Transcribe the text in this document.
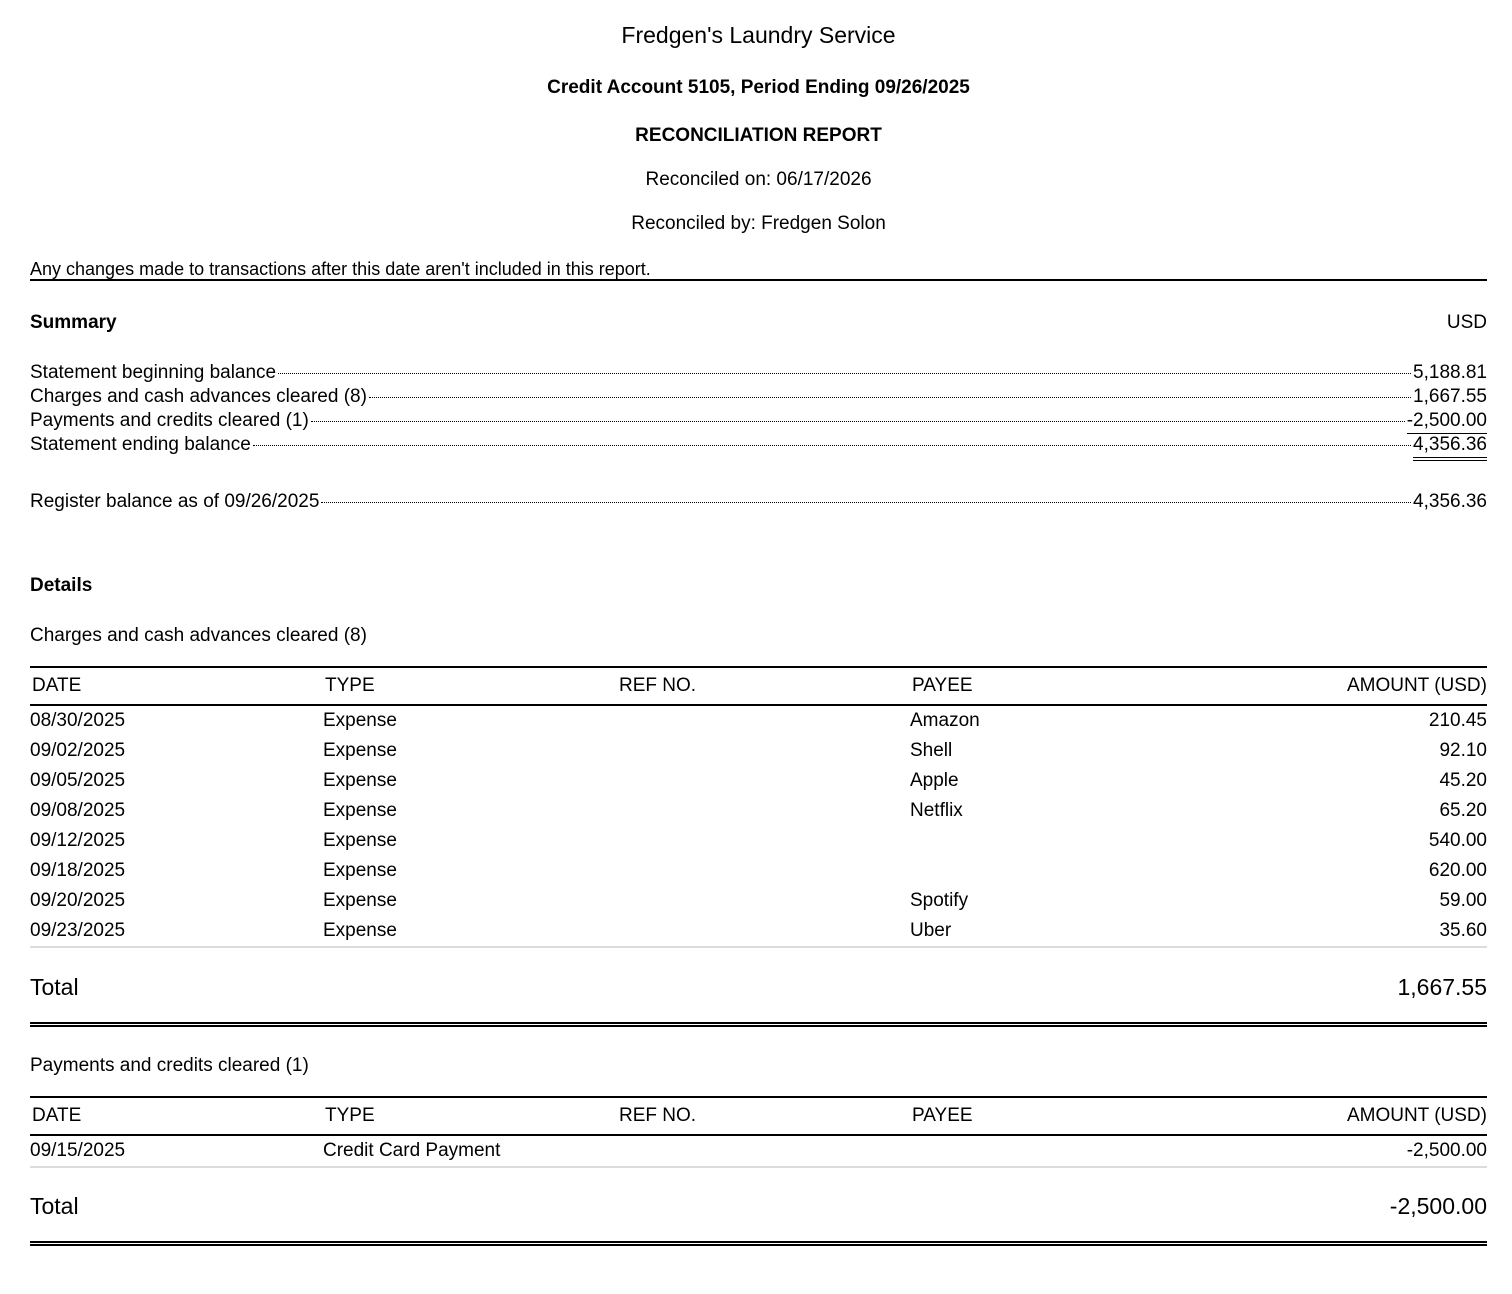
Fredgen's Laundry Service
Credit Account 5105, Period Ending 09/26/2025
RECONCILIATION REPORT
Reconciled on: 06/17/2026
Reconciled by: Fredgen Solon
Any changes made to transactions after this date aren't included in this report.
Summary	USD
Statement beginning balance	5,188.81
Charges and cash advances cleared (8)	1,667.55
Payments and credits cleared (1)	-2,500.00
Statement ending balance	4,356.36
Register balance as of 09/26/2025	4,356.36
Details
Charges and cash advances cleared (8)
DATE	TYPE	REF NO.	PAYEE	AMOUNT (USD)
08/30/2025	Expense		Amazon	210.45
09/02/2025	Expense		Shell	92.10
09/05/2025	Expense		Apple	45.20
09/08/2025	Expense		Netflix	65.20
09/12/2025	Expense			540.00
09/18/2025	Expense			620.00
09/20/2025	Expense		Spotify	59.00
09/23/2025	Expense		Uber	35.60
Total	1,667.55
Payments and credits cleared (1)
DATE	TYPE	REF NO.	PAYEE	AMOUNT (USD)
09/15/2025	Credit Card Payment			-2,500.00
Total	-2,500.00
